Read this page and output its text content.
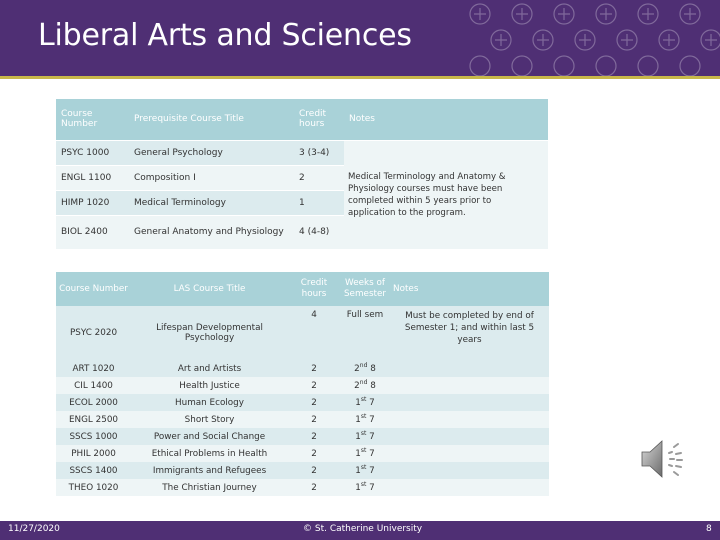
Liberal Arts and Sciences
Course Number	Prerequisite Course Title	Credit hours	Notes
PSYC 1000	General Psychology	3 (3-4)	Medical Terminology and Anatomy & Physiology courses must have been completed within 5 years prior to application to the program.
ENGL 1100	Composition I	2	
HIMP 1020	Medical Terminology	1	
BIOL 2400	General Anatomy and Physiology	4 (4-8)	
Course Number	LAS Course Title	Credit hours	Weeks of Semester	Notes
PSYC 2020	Lifespan Developmental Psychology	4	Full sem	Must be completed by end of Semester 1; and within last 5 years
ART 1020	Art and Artists	2	2nd 8	
CIL 1400	Health Justice	2	2nd 8	
ECOL 2000	Human Ecology	2	1st 7	
ENGL 2500	Short Story	2	1st 7	
SSCS 1000	Power and Social Change	2	1st 7	
PHIL 2000	Ethical Problems in Health	2	1st 7	
SSCS 1400	Immigrants and Refugees	2	1st 7	
THEO 1020	The Christian Journey	2	1st 7	
11/27/2020	© St. Catherine University	8
